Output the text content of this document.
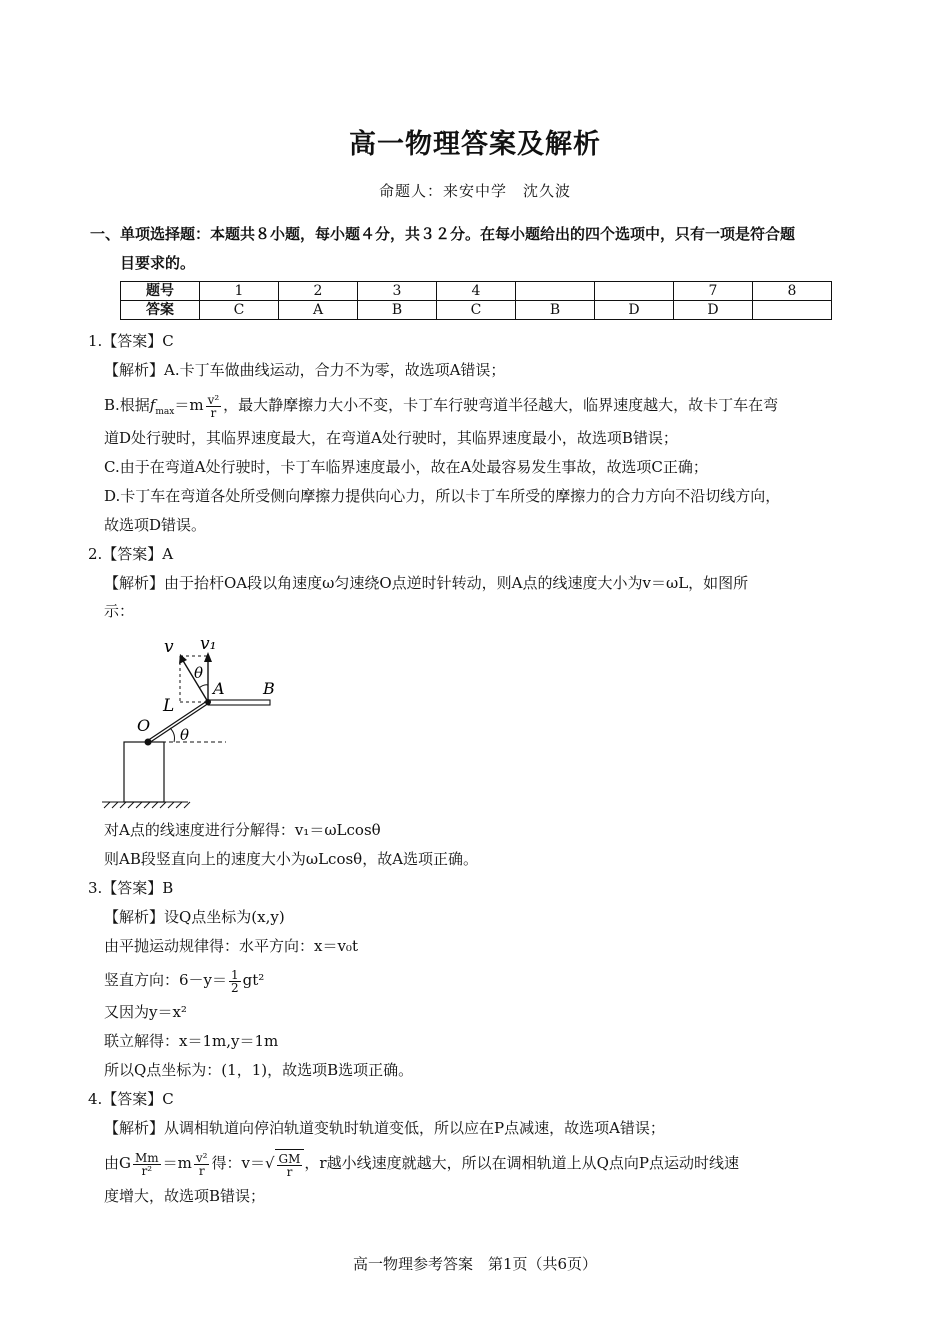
高一物理答案及解析
命题人：来安中学　沈久波
一、单项选择题：本题共８小题，每小题４分，共３２分。在每小题给出的四个选项中，只有一项是符合题
目要求的。
题号	1	2	3	4			7	8
答案	C	A	B	C	B	D	D	
1.【答案】C
【解析】A.卡丁车做曲线运动，合力不为零，故选项A错误；
B.根据$f_{max}=m \frac{\text{v²}}{r}$ ，最大静摩擦力大小不变，卡丁车行驶弯道半径越大，临界速度越大，故卡丁车在弯
道D处行驶时，其临界速度最大，在弯道A处行驶时，其临界速度最小，故选项B错误；
C.由于在弯道A处行驶时，卡丁车临界速度最小，故在A处最容易发生事故，故选项C正确；
D.卡丁车在弯道各处所受侧向摩擦力提供向心力，所以卡丁车所受的摩擦力的合力方向不沿切线方向，
故选项D错误。
2.【答案】A
【解析】由于抬杆OA段以角速度ω匀速绕O点逆时针转动，则A点的线速度大小为v＝ωL，如图所
示：
v v₁
θ
A B
L
O θ
对A点的线速度进行分解得：v₁＝ωLcosθ
则AB段竖直向上的速度大小为ωLcosθ，故A选项正确。
3.【答案】B
【解析】设Q点坐标为(x,y)
由平抛运动规律得：水平方向：x＝v₀t
竖直方向：$6-y= \frac{1}{2} gt^2$
又因为y＝x²
联立解得：x＝1m,y＝1m
所以Q点坐标为：(1，1)，故选项B选项正确。
4.【答案】C
【解析】从调相轨道向停泊轨道变轨时轨道变低，所以应在P点减速，故选项A错误；
由G $\frac{Mm}{\text{r²}} =m \frac{\text{v²}}{r}$ 得：$v=√ \frac{GM}{r}$ ，r越小线速度就越大，所以在调相轨道上从Q点向P点运动时线速
度增大，故选项B错误；
高一物理参考答案　第1页（共6页）
